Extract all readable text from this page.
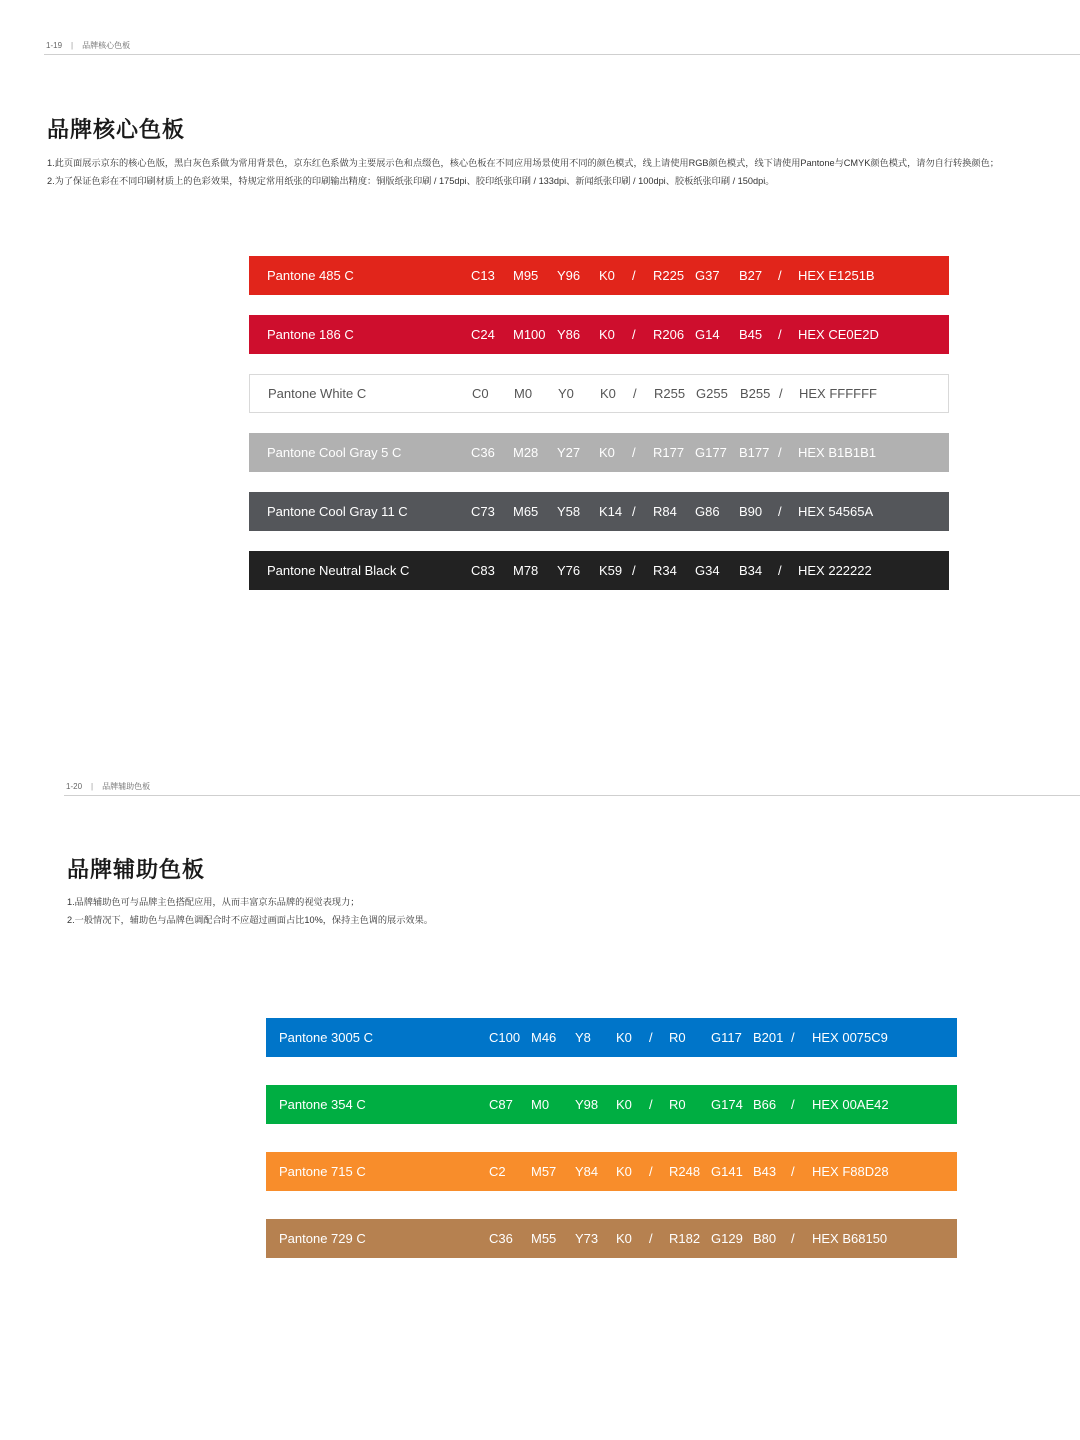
1-19 | 品牌核心色板
品牌核心色板
1.此页面展示京东的核心色版，黑白灰色系做为常用背景色，京东红色系做为主要展示色和点缀色，核心色板在不同应用场景使用不同的颜色模式，线上请使用RGB颜色模式，线下请使用Pantone与CMYK颜色模式，请勿自行转换颜色；
2.为了保证色彩在不同印刷材质上的色彩效果，特规定常用纸张的印刷输出精度：铜版纸张印刷 / 175dpi、胶印纸张印刷 / 133dpi、新闻纸张印刷 / 100dpi、胶板纸张印刷 / 150dpi。
Pantone 485 C	C13 M95 Y96 K0 / R225 G37 B27 / HEX E1251B
Pantone 186 C	C24 M100 Y86 K0 / R206 G14 B45 / HEX CE0E2D
Pantone White C	C0 M0 Y0 K0 / R255 G255 B255 / HEX FFFFFF
Pantone Cool Gray 5 C	C36 M28 Y27 K0 / R177 G177 B177 / HEX B1B1B1
Pantone Cool Gray 11 C	C73 M65 Y58 K14 / R84 G86 B90 / HEX 54565A
Pantone Neutral Black C	C83 M78 Y76 K59 / R34 G34 B34 / HEX 222222
1-20 | 品牌辅助色板
品牌辅助色板
1.品牌辅助色可与品牌主色搭配应用，从而丰富京东品牌的视觉表现力；
2.一般情况下，辅助色与品牌色调配合时不应超过画面占比10%，保持主色调的展示效果。
Pantone 3005 C	C100 M46 Y8 K0 / R0 G117 B201 / HEX 0075C9
Pantone 354 C	C87 M0 Y98 K0 / R0 G174 B66 / HEX 00AE42
Pantone 715 C	C2 M57 Y84 K0 / R248 G141 B43 / HEX F88D28
Pantone 729 C	C36 M55 Y73 K0 / R182 G129 B80 / HEX B68150
